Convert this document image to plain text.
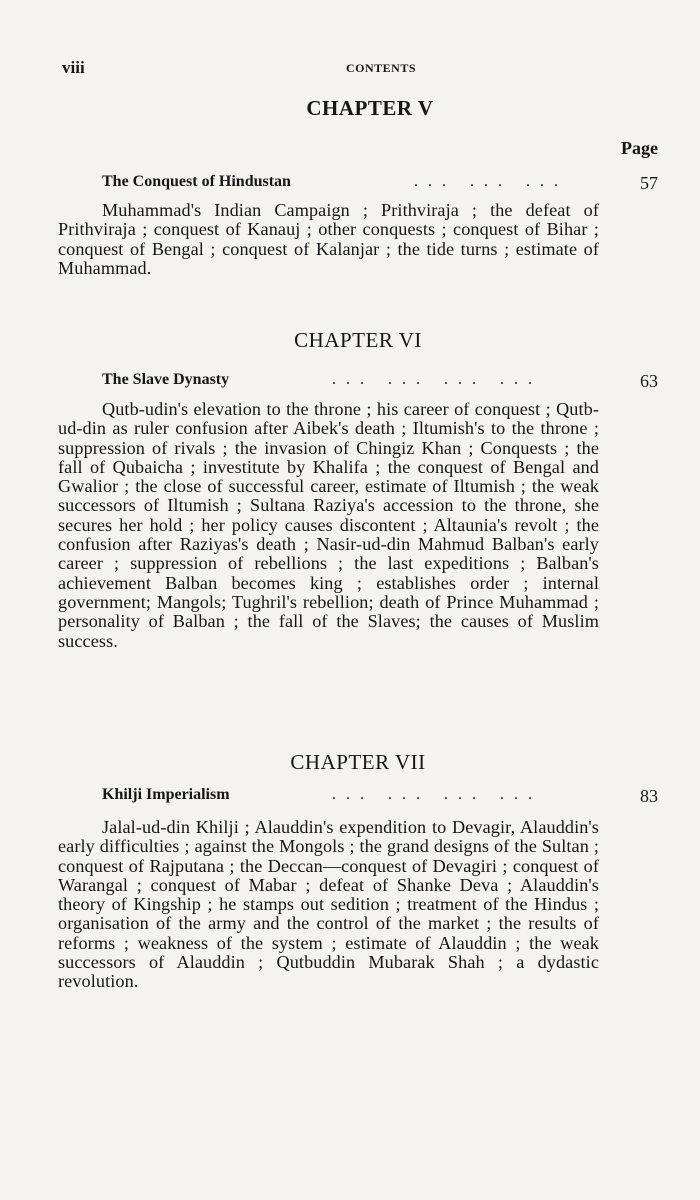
viii	CONTENTS
CHAPTER V
Page
The Conquest of Hindustan	... ... ...	57

Muhammad's Indian Campaign ; Prithviraja ; the defeat of Prithviraja ; conquest of Kanauj ; other conquests ; conquest of Bihar ; conquest of Bengal ; conquest of Kalanjar ; the tide turns ; estimate of Muhammad.

CHAPTER VI
The Slave Dynasty	... ... ... ...	63

Qutb-udin's elevation to the throne ; his career of conquest ; Qutb-ud-din as ruler confusion after Aibek's death ; Iltumish's to the throne ; suppression of rivals ; the invasion of Chingiz Khan ; Conquests ; the fall of Qubaicha ; investitute by Khalifa ; the conquest of Bengal and Gwalior ; the close of successful career, estimate of Iltumish ; the weak successors of Iltumish ; Sultana Raziya's accession to the throne, she secures her hold ; her policy causes discontent ; Altaunia's revolt ; the confusion after Raziyas's death ; Nasir-ud-din Mahmud Balban's early career ; suppression of rebellions ; the last expeditions ; Balban's achievement Balban becomes king ; establishes order ; internal government; Mangols; Tughril's rebellion; death of Prince Muhammad ; personality of Balban ; the fall of the Slaves; the causes of Muslim success.

CHAPTER VII
Khilji Imperialism	... ... ... ...	83

Jalal-ud-din Khilji ; Alauddin's expendition to Devagir, Alauddin's early difficulties ; against the Mongols ; the grand designs of the Sultan ; conquest of Rajputana ; the Deccan—conquest of Devagiri ; conquest of Warangal ; conquest of Mabar ; defeat of Shanke Deva ; Alauddin's theory of Kingship ; he stamps out sedition ; treatment of the Hindus ; organisation of the army and the control of the market ; the results of reforms ; weakness of the system ; estimate of Alauddin ; the weak successors of Alauddin ; Qutbuddin Mubarak Shah ; a dydastic revolution.
